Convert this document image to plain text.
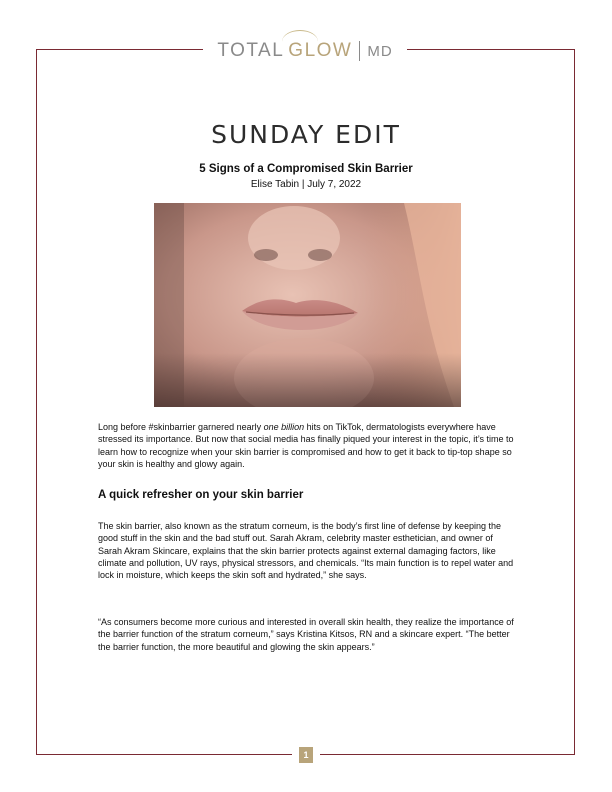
TOTAL GLOW MD
SUNDAY EDIT
5 Signs of a Compromised Skin Barrier
Elise Tabin | July 7, 2022

Long before #skinbarrier garnered nearly one billion hits on TikTok, dermatologists everywhere have stressed its importance. But now that social media has finally piqued your interest in the topic, it’s time to learn how to recognize when your skin barrier is compromised and how to get it back to tip-top shape so your skin is healthy and glowy again.

A quick refresher on your skin barrier

The skin barrier, also known as the stratum corneum, is the body’s first line of defense by keeping the good stuff in the skin and the bad stuff out. Sarah Akram, celebrity master esthetician, and owner of Sarah Akram Skincare, explains that the skin barrier protects against external damaging factors, like climate and pollution, UV rays, physical stressors, and chemicals. “Its main function is to repel water and lock in moisture, which keeps the skin soft and hydrated,” she says.

“As consumers become more curious and interested in overall skin health, they realize the importance of the barrier function of the stratum corneum,” says Kristina Kitsos, RN and a skincare expert. “The better the barrier function, the more beautiful and glowing the skin appears.”

1
